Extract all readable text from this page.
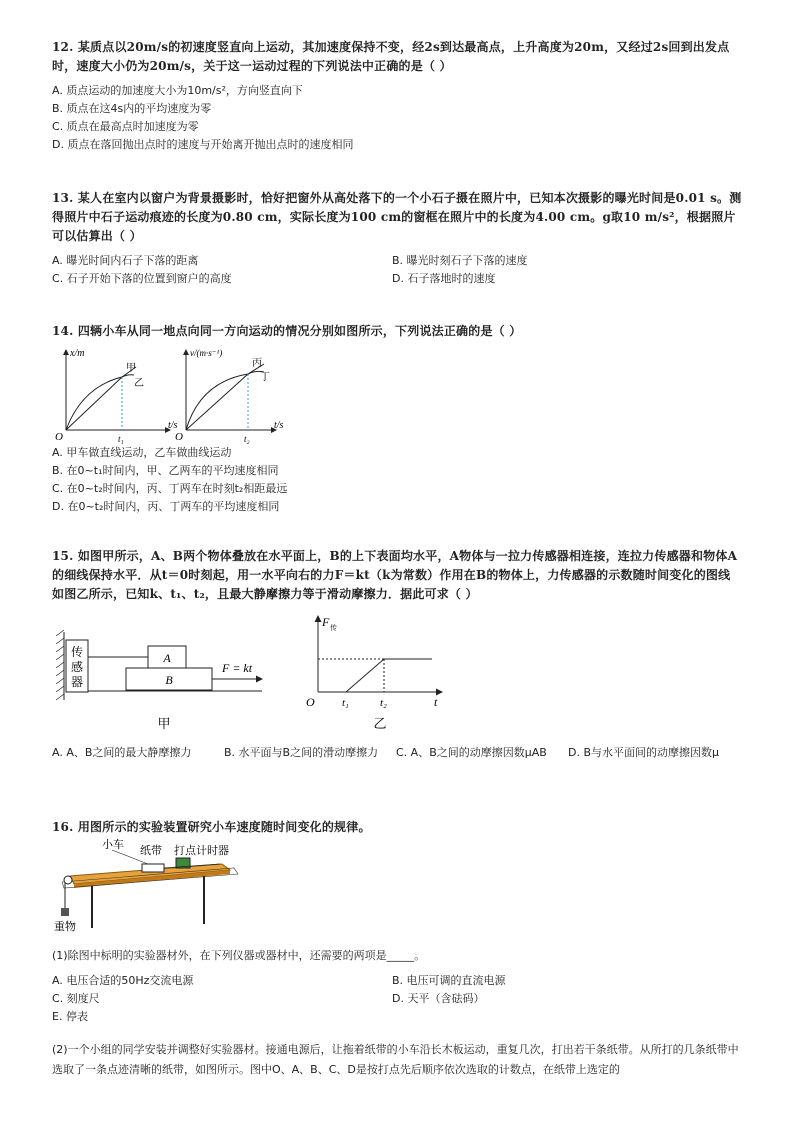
12. 某质点以20m/s的初速度竖直向上运动，其加速度保持不变，经2s到达最高点，上升高度为20m，又经过2s回到出发点时，速度大小仍为20m/s，关于这一运动过程的下列说法中正确的是（ ）
A. 质点运动的加速度大小为10m/s²，方向竖直向下
B. 质点在这4s内的平均速度为零
C. 质点在最高点时加速度为零
D. 质点在落回抛出点时的速度与开始离开抛出点时的速度相同
13. 某人在室内以窗户为背景摄影时，恰好把窗外从高处落下的一个小石子摄在照片中，已知本次摄影的曝光时间是0.01 s。测得照片中石子运动痕迹的长度为0.80 cm，实际长度为100 cm的窗框在照片中的长度为4.00 cm。g取10 m/s²，根据照片可以估算出（ ）
A. 曝光时间内石子下落的距离	B. 曝光时刻石子下落的速度
C. 石子开始下落的位置到窗户的高度	D. 石子落地时的速度
14. 四辆小车从同一地点向同一方向运动的情况分别如图所示，下列说法正确的是（ ）
x/m
t/s
O
甲
乙
t₁
v/(m·s⁻¹)
t/s
O
丙
丁
t₂
A. 甲车做直线运动，乙车做曲线运动
B. 在0~t₁时间内，甲、乙两车的平均速度相同
C. 在0~t₂时间内，丙、丁两车在时刻t₂相距最远
D. 在0~t₂时间内，丙、丁两车的平均速度相同
15. 如图甲所示，A、B两个物体叠放在水平面上，B的上下表面均水平，A物体与一拉力传感器相连接，连拉力传感器和物体A的细线保持水平．从t＝0时刻起，用一水平向右的力F＝kt（k为常数）作用在B的物体上，力传感器的示数随时间变化的图线如图乙所示，已知k、t₁、t₂，且最大静摩擦力等于滑动摩擦力．据此可求（ ）
传
感
器
A
B
F = kt
甲
F 传
O t₁	t₂	t
乙
A. A、B之间的最大静摩擦力	B. 水平面与B之间的滑动摩擦力	C. A、B之间的动摩擦因数μAB	D. B与水平面间的动摩擦因数μ
16. 用图所示的实验装置研究小车速度随时间变化的规律。
小车 纸带 打点计时器
重物
(1)除图中标明的实验器材外，在下列仪器或器材中，还需要的两项是_____。
A. 电压合适的50Hz交流电源	B. 电压可调的直流电源
C. 刻度尺	D. 天平（含砝码）
E. 停表
(2)一个小组的同学安装并调整好实验器材。接通电源后，让拖着纸带的小车沿长木板运动，重复几次，打出若干条纸带。从所打的几条纸带中选取了一条点迹清晰的纸带，如图所示。图中O、A、B、C、D是按打点先后顺序依次选取的计数点，在纸带上选定的
